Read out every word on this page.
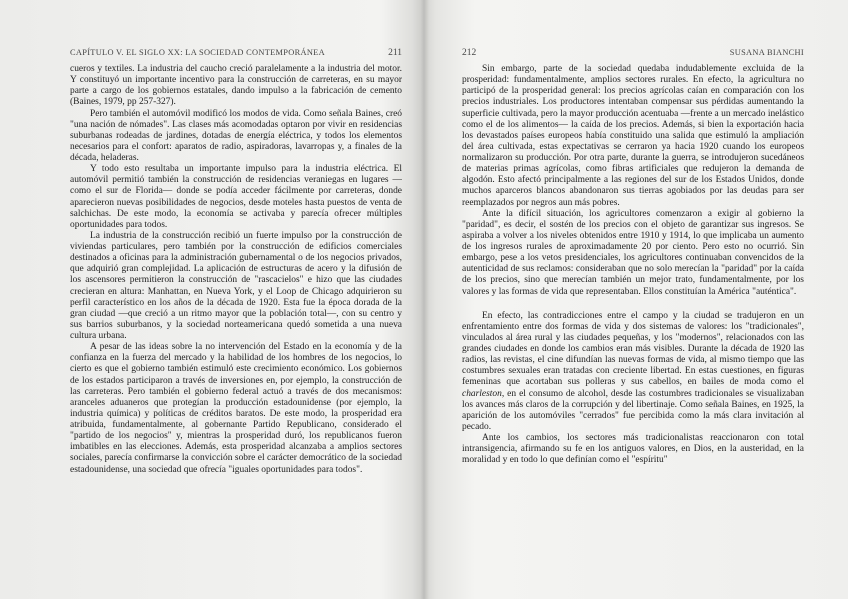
CAPÍTULO V. EL SIGLO XX: LA SOCIEDAD CONTEMPORÁNEA	211

cueros y textiles. La industria del caucho creció paralelamente a la industria del motor. Y constituyó un importante incentivo para la construcción de carreteras, en su mayor parte a cargo de los gobiernos estatales, dando impulso a la fabricación de cemento (Baines, 1979, pp 257-327).

Pero también el automóvil modificó los modos de vida. Como señala Baines, creó "una nación de nómades". Las clases más acomodadas optaron por vivir en residencias suburbanas rodeadas de jardines, dotadas de energía eléctrica, y todos los elementos necesarios para el confort: aparatos de radio, aspiradoras, lavarropas y, a finales de la década, heladeras.

Y todo esto resultaba un importante impulso para la industria eléctrica. El automóvil permitió también la construcción de residencias veraniegas en lugares —como el sur de Florida— donde se podía acceder fácilmente por carreteras, donde aparecieron nuevas posibilidades de negocios, desde moteles hasta puestos de venta de salchichas. De este modo, la economía se activaba y parecía ofrecer múltiples oportunidades para todos.

La industria de la construcción recibió un fuerte impulso por la construcción de viviendas particulares, pero también por la construcción de edificios comerciales destinados a oficinas para la administración gubernamental o de los negocios privados, que adquirió gran complejidad. La aplicación de estructuras de acero y la difusión de los ascensores permitieron la construcción de "rascacielos" e hizo que las ciudades crecieran en altura: Manhattan, en Nueva York, y el Loop de Chicago adquirieron su perfil característico en los años de la década de 1920. Esta fue la época dorada de la gran ciudad —que creció a un ritmo mayor que la población total—, con su centro y sus barrios suburbanos, y la sociedad norteamericana quedó sometida a una nueva cultura urbana.

A pesar de las ideas sobre la no intervención del Estado en la economía y de la confianza en la fuerza del mercado y la habilidad de los hombres de los negocios, lo cierto es que el gobierno también estimuló este crecimiento económico. Los gobiernos de los estados participaron a través de inversiones en, por ejemplo, la construcción de las carreteras. Pero también el gobierno federal actuó a través de dos mecanismos: aranceles aduaneros que protegían la producción estadounidense (por ejemplo, la industria química) y políticas de créditos baratos. De este modo, la prosperidad era atribuida, fundamentalmente, al gobernante Partido Republicano, considerado el "partido de los negocios" y, mientras la prosperidad duró, los republicanos fueron imbatibles en las elecciones. Además, esta prosperidad alcanzaba a amplios sectores sociales, parecía confirmarse la convicción sobre el carácter democrático de la sociedad estadounidense, una sociedad que ofrecía "iguales oportunidades para todos".

212	SUSANA BIANCHI

Sin embargo, parte de la sociedad quedaba indudablemente excluida de la prosperidad: fundamentalmente, amplios sectores rurales. En efecto, la agricultura no participó de la prosperidad general: los precios agrícolas caían en comparación con los precios industriales. Los productores intentaban compensar sus pérdidas aumentando la superficie cultivada, pero la mayor producción acentuaba —frente a un mercado inelástico como el de los alimentos— la caída de los precios. Además, si bien la exportación hacia los devastados países europeos había constituido una salida que estimuló la ampliación del área cultivada, estas expectativas se cerraron ya hacia 1920 cuando los europeos normalizaron su producción. Por otra parte, durante la guerra, se introdujeron sucedáneos de materias primas agrícolas, como fibras artificiales que redujeron la demanda de algodón. Esto afectó principalmente a las regiones del sur de los Estados Unidos, donde muchos aparceros blancos abandonaron sus tierras agobiados por las deudas para ser reemplazados por negros aun más pobres.

Ante la difícil situación, los agricultores comenzaron a exigir al gobierno la "paridad", es decir, el sostén de los precios con el objeto de garantizar sus ingresos. Se aspiraba a volver a los niveles obtenidos entre 1910 y 1914, lo que implicaba un aumento de los ingresos rurales de aproximadamente 20 por ciento. Pero esto no ocurrió. Sin embargo, pese a los vetos presidenciales, los agricultores continuaban convencidos de la autenticidad de sus reclamos: consideraban que no solo merecían la "paridad" por la caída de los precios, sino que merecían también un mejor trato, fundamentalmente, por los valores y las formas de vida que representaban. Ellos constituían la América "auténtica".

En efecto, las contradicciones entre el campo y la ciudad se tradujeron en un enfrentamiento entre dos formas de vida y dos sistemas de valores: los "tradicionales", vinculados al área rural y las ciudades pequeñas, y los "modernos", relacionados con las grandes ciudades en donde los cambios eran más visibles. Durante la década de 1920 las radios, las revistas, el cine difundían las nuevas formas de vida, al mismo tiempo que las costumbres sexuales eran tratadas con creciente libertad. En estas cuestiones, en figuras femeninas que acortaban sus polleras y sus cabellos, en bailes de moda como el charleston, en el consumo de alcohol, desde las costumbres tradicionales se visualizaban los avances más claros de la corrupción y del libertinaje. Como señala Baines, en 1925, la aparición de los automóviles "cerrados" fue percibida como la más clara invitación al pecado.

Ante los cambios, los sectores más tradicionalistas reaccionaron con total intransigencia, afirmando su fe en los antiguos valores, en Dios, en la austeridad, en la moralidad y en todo lo que definían como el "espíritu"
